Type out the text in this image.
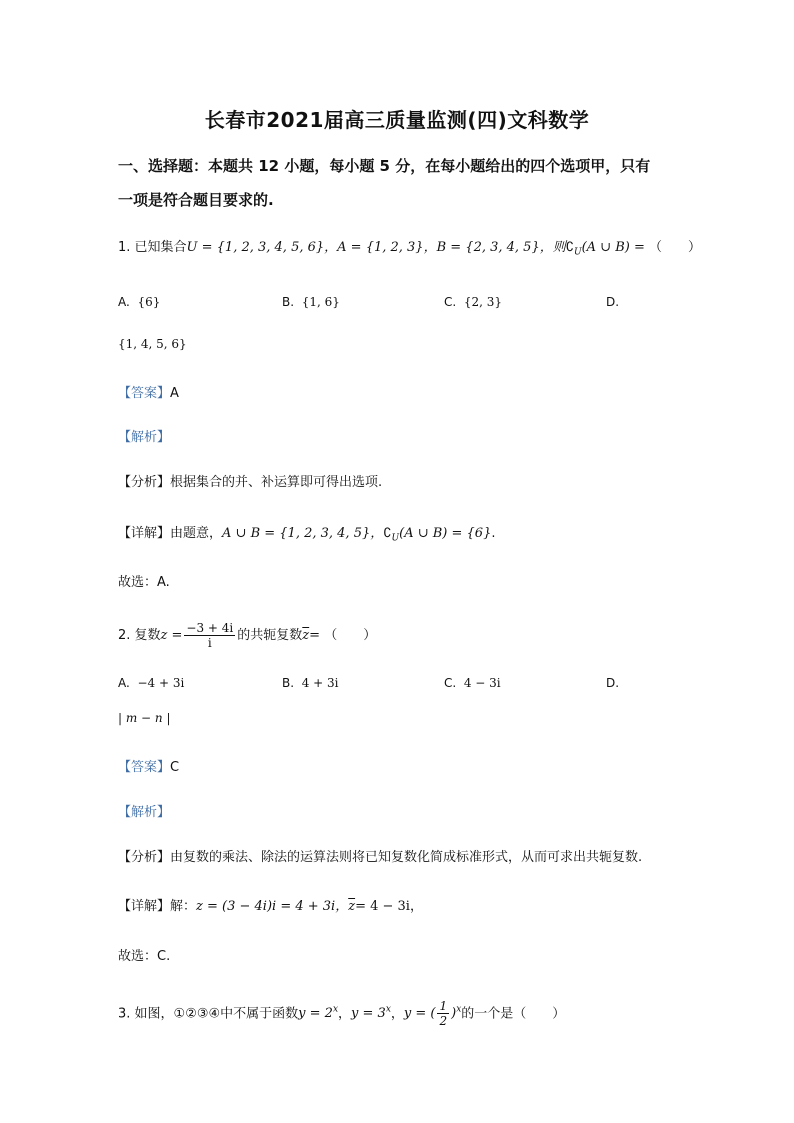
长春市2021届高三质量监测(四)文科数学
一、选择题：本题共 12 小题，每小题 5 分，在每小题给出的四个选项甲，只有
一项是符合题目要求的.
1. 已知集合U = {1, 2, 3, 4, 5, 6}，A = {1, 2, 3}，B = {2, 3, 4, 5}，则$∁_U(A$ ∪ B) = （　　）
A. {6}	B. {1, 6}	C. {2, 3}	D.
{1, 4, 5, 6}
【答案】A
【解析】
【分析】根据集合的并、补运算即可得出选项.
【详解】由题意，A ∪ B = {1, 2, 3, 4, 5}，$∁_U(A$ ∪ B) = {6}.
故选：A.
2. 复数$z = \frac{-3 + 4i}{i}$ 的共轭复数$\overline{z}=$ （　　）
A. −4 + 3i	B. 4 + 3i	C. 4 − 3i	D.
| m − n |
【答案】C
【解析】
【分析】由复数的乘法、除法的运算法则将已知复数化简成标准形式，从而可求出共轭复数.
【详解】解：z = (3 − 4i)i = 4 + 3i，$\overline{z}= 4 - 3i$，
故选：C.
3. 如图，①②③④中不属于函数$y = 2^x$，$y = 3^x$，y = ( $\frac{1}{2} )^x$的一个是（　　）
